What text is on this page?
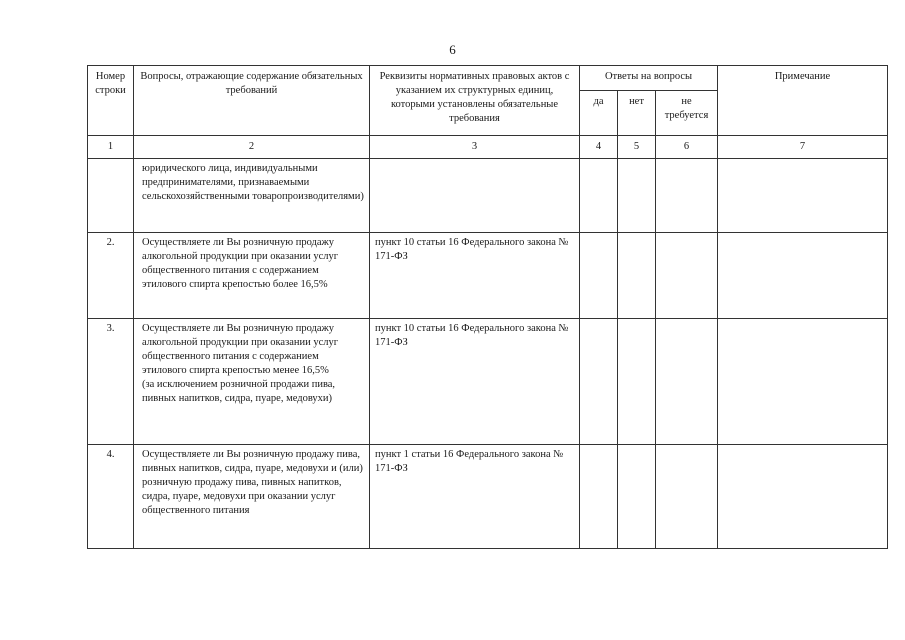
6
Номер строки	Вопросы, отражающие содержание обязательных требований	Реквизиты нормативных правовых актов с указанием их структурных единиц, которыми установлены обязательные требования	Ответы на вопросы			Примечание
			да	нет	не требуется	
1	2	3	4	5	6	7
	юридического лица, индивидуальными предпринимателями, признаваемыми сельскохозяйственными товаропроизводителями)					
2.	Осуществляете ли Вы розничную продажу алкогольной продукции при оказании услуг общественного питания с содержанием этилового спирта крепостью более 16,5%	пункт 10 статьи 16 Федерального закона № 171-ФЗ				
3.	Осуществляете ли Вы розничную продажу алкогольной продукции при оказании услуг общественного питания с содержанием этилового спирта крепостью менее 16,5%
(за исключением розничной продажи пива, пивных напитков, сидра, пуаре, медовухи)	пункт 10 статьи 16 Федерального закона № 171-ФЗ				
4.	Осуществляете ли Вы розничную продажу пива, пивных напитков, сидра, пуаре, медовухи и (или) розничную продажу пива, пивных напитков, сидра, пуаре, медовухи при оказании услуг общественного питания	пункт 1 статьи 16 Федерального закона № 171-ФЗ				
